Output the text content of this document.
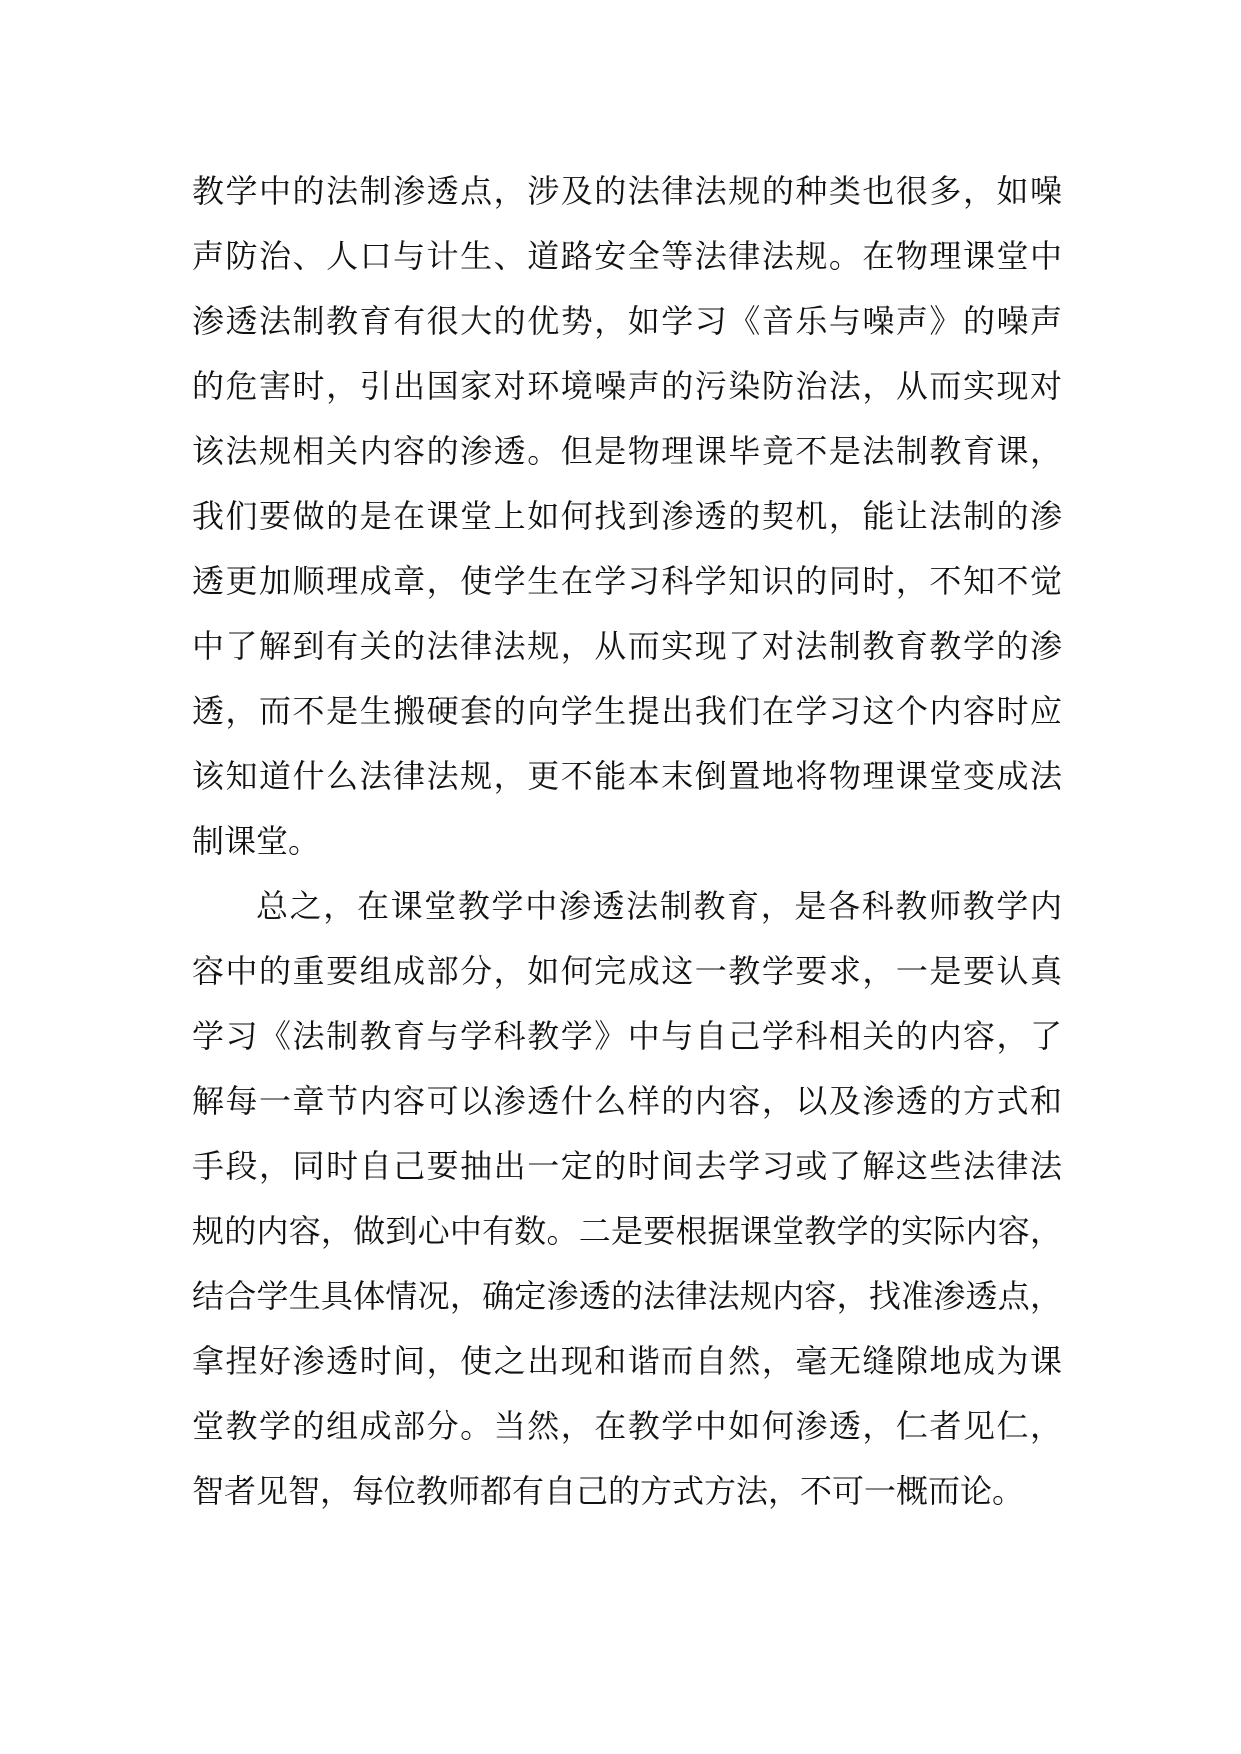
教学中的法制渗透点，涉及的法律法规的种类也很多，如噪
声防治、人口与计生、道路安全等法律法规。在物理课堂中
渗透法制教育有很大的优势，如学习《音乐与噪声》的噪声
的危害时，引出国家对环境噪声的污染防治法，从而实现对
该法规相关内容的渗透。但是物理课毕竟不是法制教育课，
我们要做的是在课堂上如何找到渗透的契机，能让法制的渗
透更加顺理成章，使学生在学习科学知识的同时，不知不觉
中了解到有关的法律法规，从而实现了对法制教育教学的渗
透，而不是生搬硬套的向学生提出我们在学习这个内容时应
该知道什么法律法规，更不能本末倒置地将物理课堂变成法
制课堂。
总之，在课堂教学中渗透法制教育，是各科教师教学内
容中的重要组成部分，如何完成这一教学要求，一是要认真
学习《法制教育与学科教学》中与自己学科相关的内容，了
解每一章节内容可以渗透什么样的内容，以及渗透的方式和
手段，同时自己要抽出一定的时间去学习或了解这些法律法
规的内容，做到心中有数。二是要根据课堂教学的实际内容，
结合学生具体情况，确定渗透的法律法规内容，找准渗透点，
拿捏好渗透时间，使之出现和谐而自然，毫无缝隙地成为课
堂教学的组成部分。当然，在教学中如何渗透，仁者见仁，
智者见智，每位教师都有自己的方式方法，不可一概而论。
